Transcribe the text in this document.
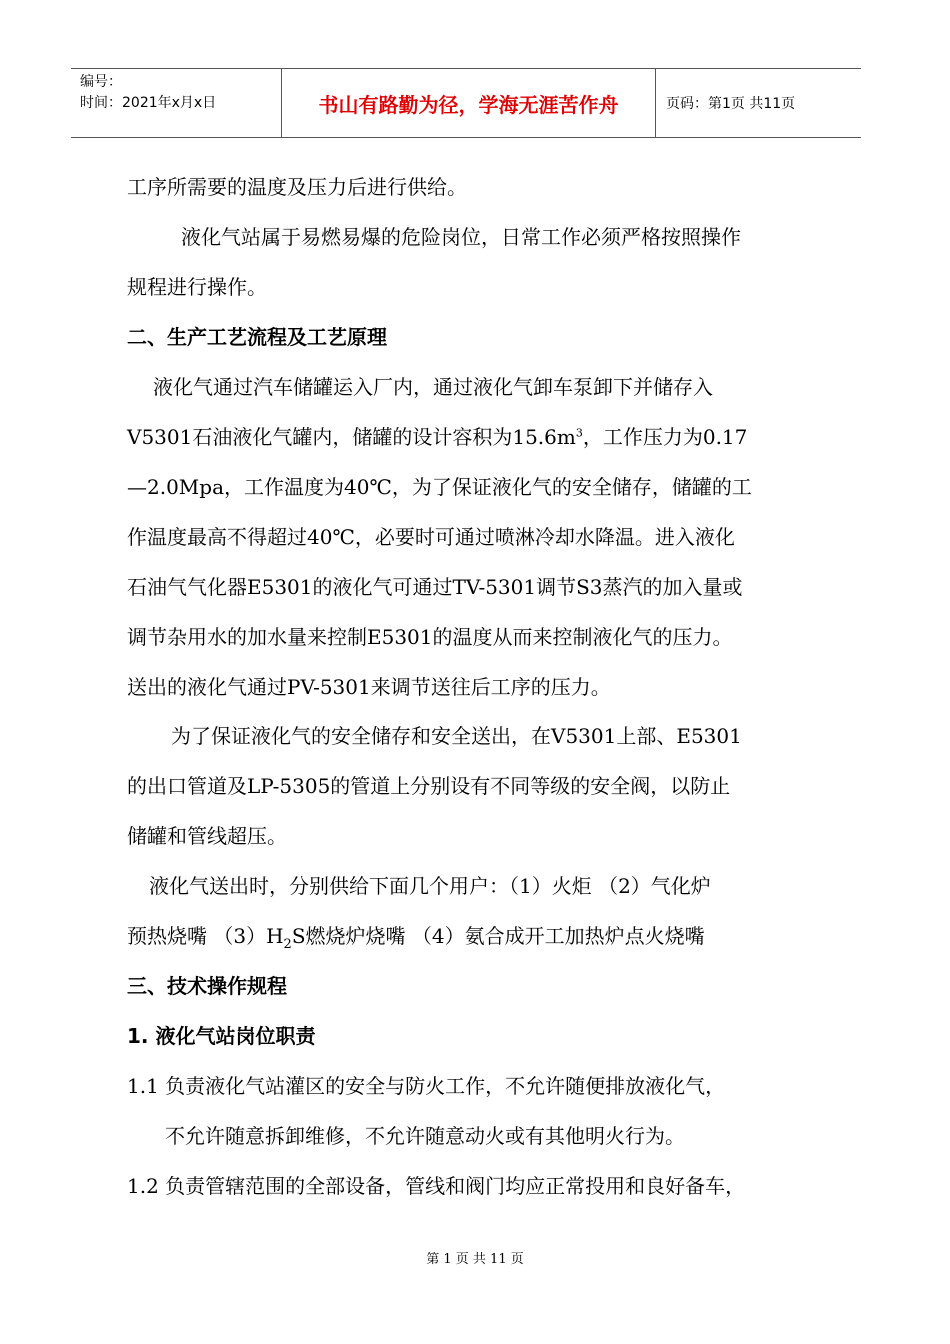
编号：
时间：2021年x月x日	书山有路勤为径，学海无涯苦作舟	页码：第1页 共11页
工序所需要的温度及压力后进行供给。
液化气站属于易燃易爆的危险岗位，日常工作必须严格按照操作
规程进行操作。
二、生产工艺流程及工艺原理
液化气通过汽车储罐运入厂内，通过液化气卸车泵卸下并储存入
V5301石油液化气罐内，储罐的设计容积为$15.6m^3$，工作压力为0.17
—2.0Mpa，工作温度为40℃，为了保证液化气的安全储存，储罐的工
作温度最高不得超过40℃，必要时可通过喷淋冷却水降温。进入液化
石油气气化器E5301的液化气可通过TV-5301调节S3蒸汽的加入量或
调节杂用水的加水量来控制E5301的温度从而来控制液化气的压力。
送出的液化气通过PV-5301来调节送往后工序的压力。
为了保证液化气的安全储存和安全送出，在V5301上部、E5301
的出口管道及LP-5305的管道上分别设有不同等级的安全阀，以防止
储罐和管线超压。
液化气送出时，分别供给下面几个用户：（1）火炬 （2）气化炉
预热烧嘴 $(3)H_2S$燃烧炉烧嘴 （4）氨合成开工加热炉点火烧嘴
三、技术操作规程
1. 液化气站岗位职责
1.1 负责液化气站灌区的安全与防火工作，不允许随便排放液化气，
不允许随意拆卸维修，不允许随意动火或有其他明火行为。
1.2 负责管辖范围的全部设备，管线和阀门均应正常投用和良好备车，
第 1 页 共 11 页
